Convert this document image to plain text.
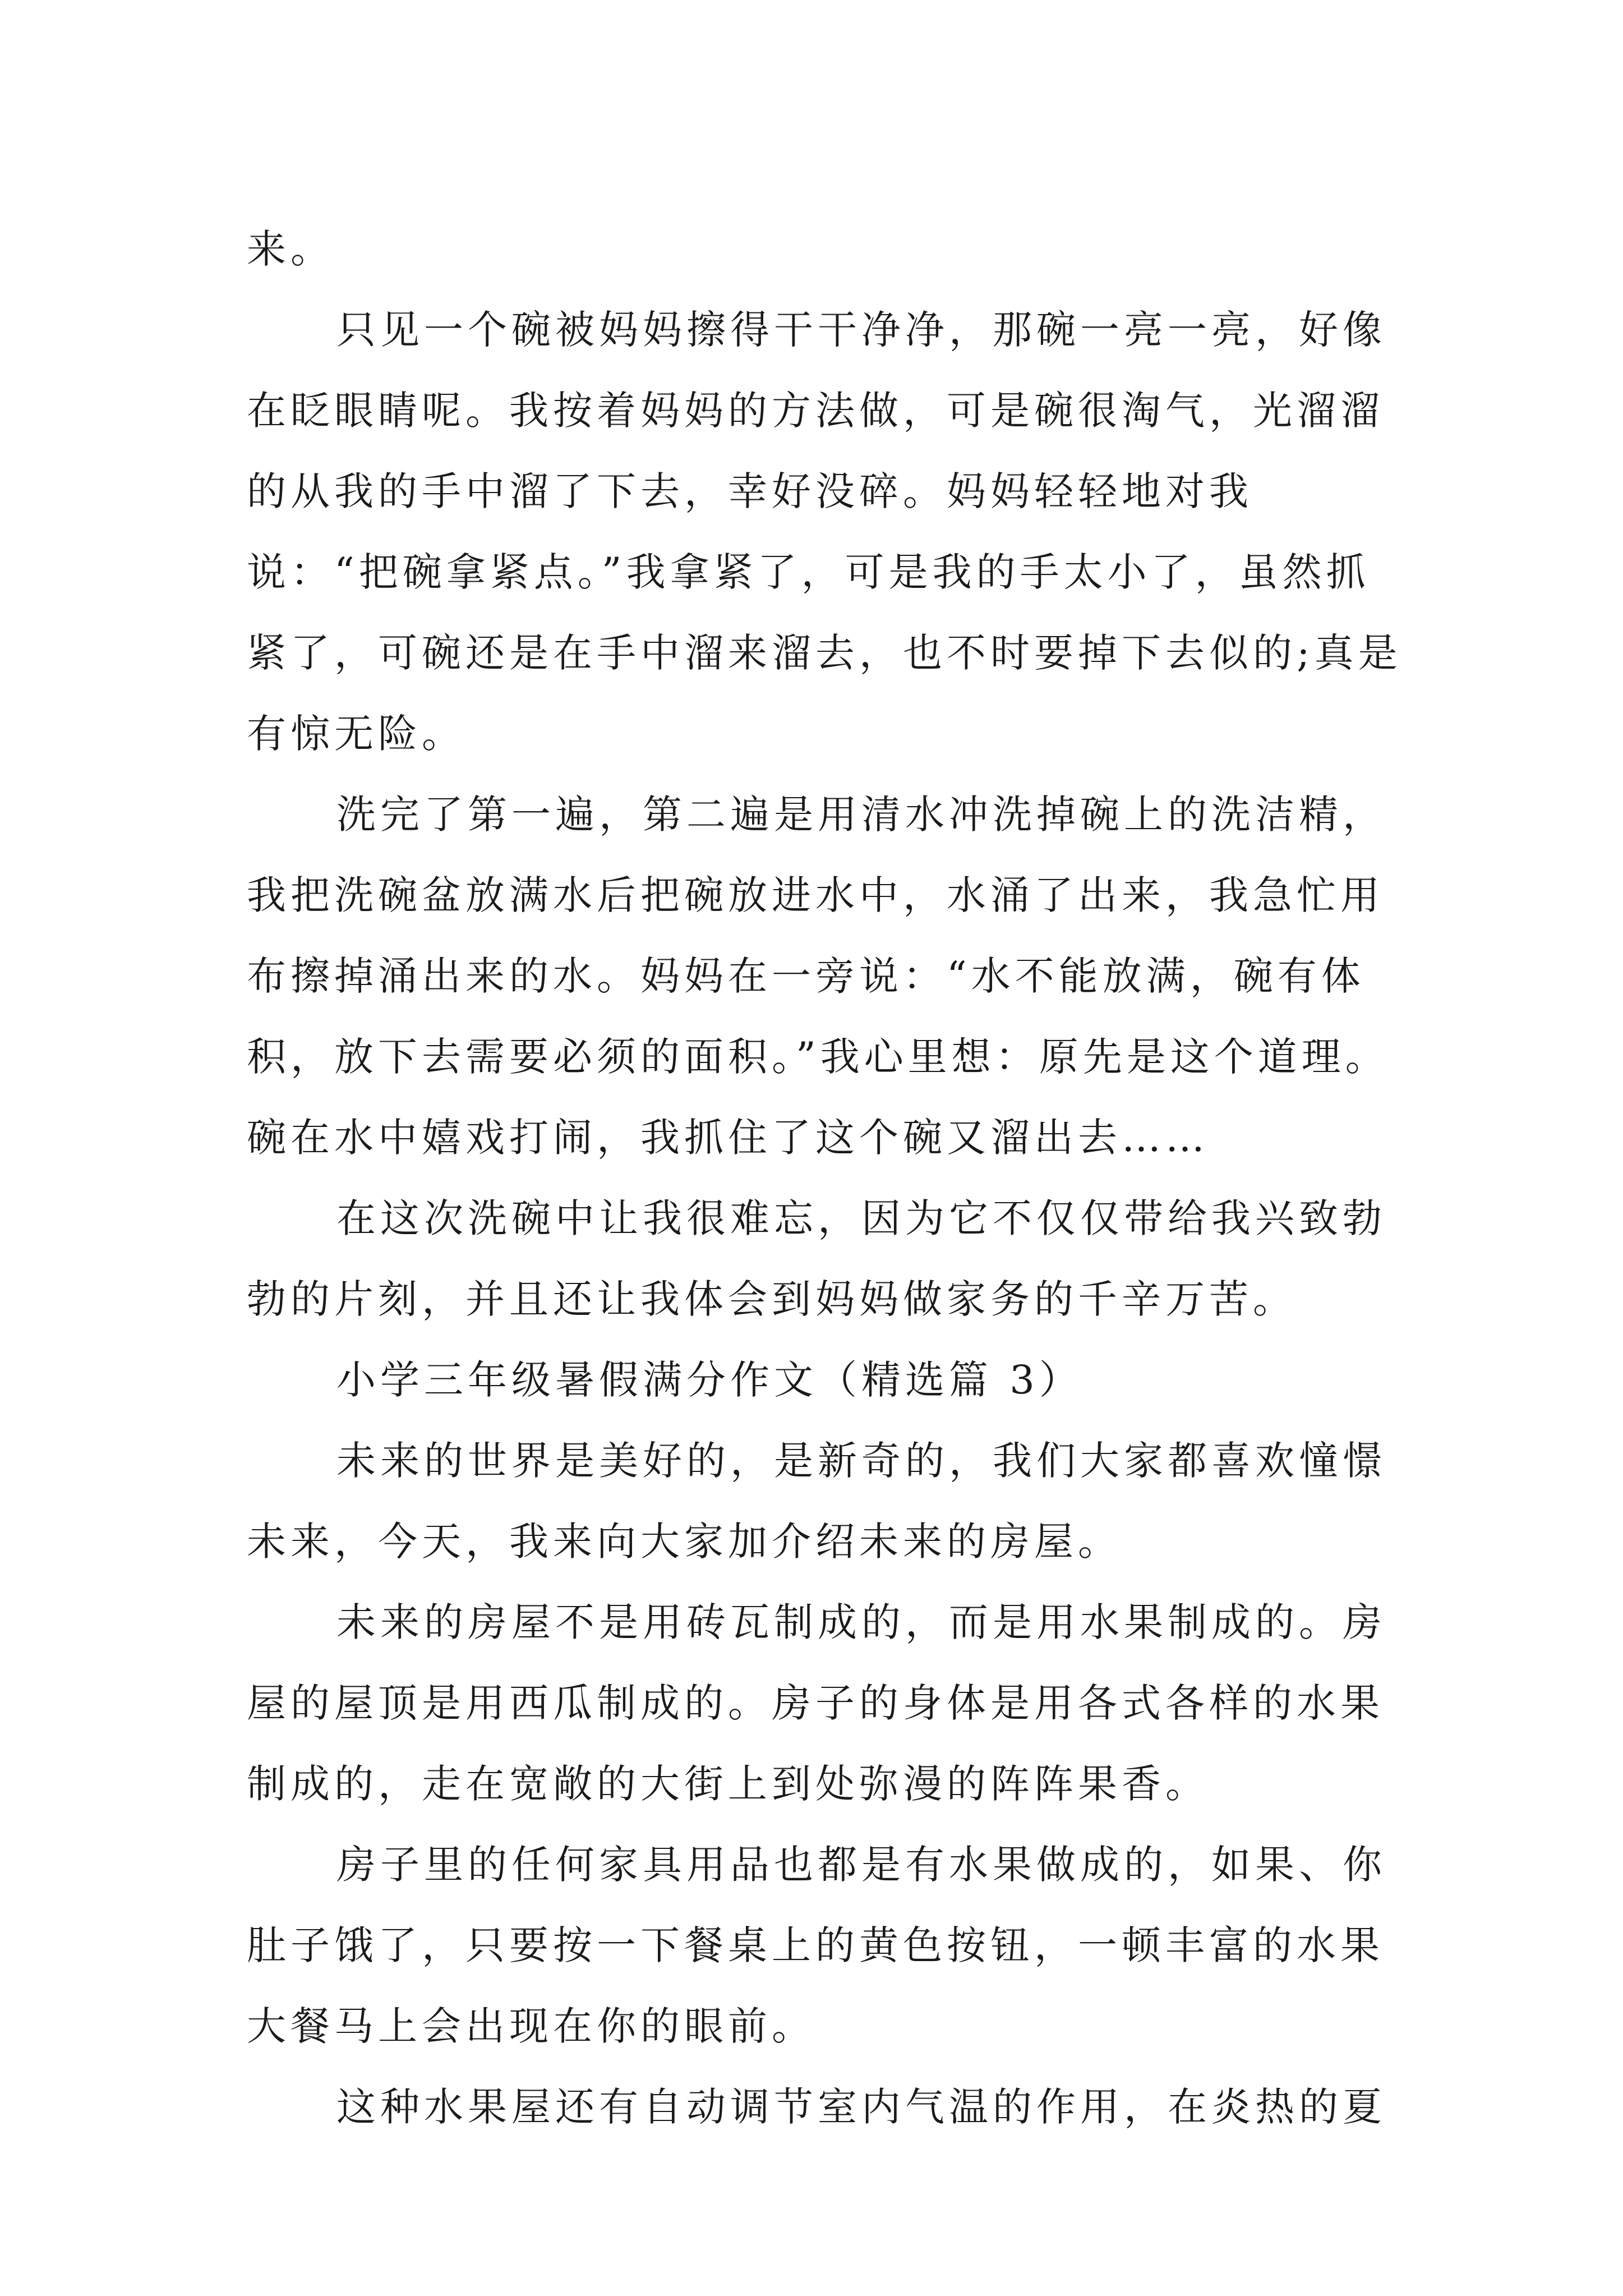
来。

只见一个碗被妈妈擦得干干净净，那碗一亮一亮，好像在眨眼睛呢。我按着妈妈的方法做，可是碗很淘气，光溜溜的从我的手中溜了下去，幸好没碎。妈妈轻轻地对我说：“把碗拿紧点。”我拿紧了，可是我的手太小了，虽然抓紧了，可碗还是在手中溜来溜去，也不时要掉下去似的;真是有惊无险。

洗完了第一遍，第二遍是用清水冲洗掉碗上的洗洁精，我把洗碗盆放满水后把碗放进水中，水涌了出来，我急忙用布擦掉涌出来的水。妈妈在一旁说：“水不能放满，碗有体积，放下去需要必须的面积。”我心里想：原先是这个道理。碗在水中嬉戏打闹，我抓住了这个碗又溜出去……

在这次洗碗中让我很难忘，因为它不仅仅带给我兴致勃勃的片刻，并且还让我体会到妈妈做家务的千辛万苦。

小学三年级暑假满分作文（精选篇 3）

未来的世界是美好的，是新奇的，我们大家都喜欢憧憬未来，今天，我来向大家加介绍未来的房屋。

未来的房屋不是用砖瓦制成的，而是用水果制成的。房屋的屋顶是用西瓜制成的。房子的身体是用各式各样的水果制成的，走在宽敞的大街上到处弥漫的阵阵果香。

房子里的任何家具用品也都是有水果做成的，如果、你肚子饿了，只要按一下餐桌上的黄色按钮，一顿丰富的水果大餐马上会出现在你的眼前。

这种水果屋还有自动调节室内气温的作用，在炎热的夏
